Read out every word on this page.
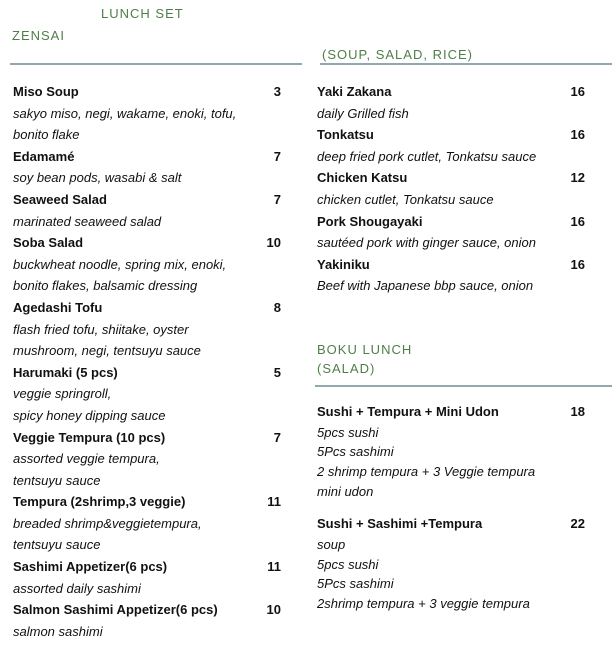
LUNCH SET
ZENSAI
(SOUP, SALAD, RICE)
Miso Soup	3
sakyo miso, negi, wakame, enoki, tofu,
bonito flake
Edamamé	7
soy bean pods, wasabi & salt
Seaweed Salad	7
marinated seaweed salad
Soba Salad	10
buckwheat noodle, spring mix, enoki,
bonito flakes, balsamic dressing
Agedashi Tofu	8
flash fried tofu, shiitake, oyster
mushroom, negi, tentsuyu sauce
Harumaki (5 pcs)	5
veggie springroll,
spicy honey dipping sauce
Veggie Tempura (10 pcs)	7
assorted veggie tempura,
tentsuyu sauce
Tempura (2shrimp,3 veggie)	11
breaded shrimp&veggietempura,
tentsuyu sauce
Sashimi Appetizer(6 pcs)	11
assorted daily sashimi
Salmon Sashimi Appetizer(6 pcs)	10
salmon sashimi
Yaki Zakana	16
daily Grilled fish
Tonkatsu	16
deep fried pork cutlet, Tonkatsu sauce
Chicken Katsu	12
chicken cutlet, Tonkatsu sauce
Pork Shougayaki	16
sautéed pork with ginger sauce, onion
Yakiniku	16
Beef with Japanese bbp sauce, onion
BOKU LUNCH
(SALAD)
Sushi + Tempura + Mini Udon	18
5pcs sushi
5Pcs sashimi
2 shrimp tempura + 3 Veggie tempura
mini udon
Sushi + Sashimi +Tempura	22
soup
5pcs sushi
5Pcs sashimi
2shrimp tempura + 3 veggie tempura
